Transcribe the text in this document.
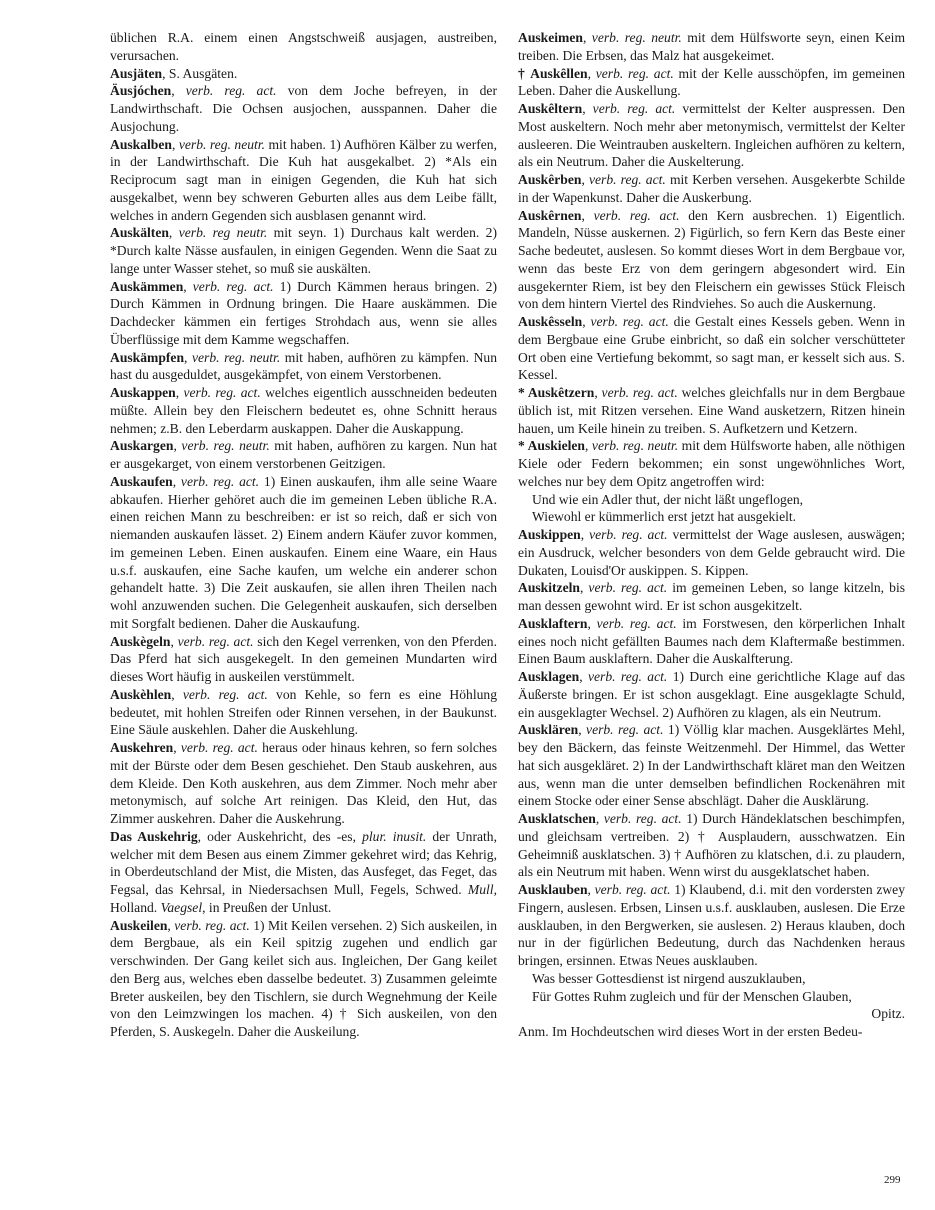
üblichen R.A. einem einen Angstschweiß ausjagen, austreiben, verursachen.

Ausjäten, S. Ausgäten.

Äusjóchen, verb. reg. act. von dem Joche befreyen, in der Landwirthschaft. Die Ochsen ausjochen, ausspannen. Daher die Ausjochung.

Auskalben, verb. reg. neutr. mit haben. 1) Aufhören Kälber zu werfen, in der Landwirthschaft. Die Kuh hat ausgekalbet. 2) *Als ein Reciprocum sagt man in einigen Gegenden, die Kuh hat sich ausgekalbet, wenn bey schweren Geburten alles aus dem Leibe fällt, welches in andern Gegenden sich ausblasen genannt wird.

Auskälten, verb. reg neutr. mit seyn. 1) Durchaus kalt werden. 2) *Durch kalte Nässe ausfaulen, in einigen Gegenden. Wenn die Saat zu lange unter Wasser stehet, so muß sie auskälten.

Auskämmen, verb. reg. act. 1) Durch Kämmen heraus bringen. 2) Durch Kämmen in Ordnung bringen. Die Haare auskämmen. Die Dachdecker kämmen ein fertiges Strohdach aus, wenn sie alles Überflüssige mit dem Kamme wegschaffen.

Auskämpfen, verb. reg. neutr. mit haben, aufhören zu kämpfen. Nun hast du ausgeduldet, ausgekämpfet, von einem Verstorbenen.

Auskappen, verb. reg. act. welches eigentlich ausschneiden bedeuten müßte. Allein bey den Fleischern bedeutet es, ohne Schnitt heraus nehmen; z.B. den Leberdarm auskappen. Daher die Auskappung.

Auskargen, verb. reg. neutr. mit haben, aufhören zu kargen. Nun hat er ausgekarget, von einem verstorbenen Geitzigen.

Auskaufen, verb. reg. act. 1) Einen auskaufen, ihm alle seine Waare abkaufen. Hierher gehöret auch die im gemeinen Leben übliche R.A. einen reichen Mann zu beschreiben: er ist so reich, daß er sich von niemanden auskaufen lässet. 2) Einem andern Käufer zuvor kommen, im gemeinen Leben. Einen auskaufen. Einem eine Waare, ein Haus u.s.f. auskaufen, eine Sache kaufen, um welche ein anderer schon gehandelt hatte. 3) Die Zeit auskaufen, sie allen ihren Theilen nach wohl anzuwenden suchen. Die Gelegenheit auskaufen, sich derselben mit Sorgfalt bedienen. Daher die Auskaufung.

Auskègeln, verb. reg. act. sich den Kegel verrenken, von den Pferden. Das Pferd hat sich ausgekegelt. In den gemeinen Mundarten wird dieses Wort häufig in auskeilen verstümmelt.

Auskèhlen, verb. reg. act. von Kehle, so fern es eine Höhlung bedeutet, mit hohlen Streifen oder Rinnen versehen, in der Baukunst. Eine Säule auskehlen. Daher die Auskehlung.

Auskehren, verb. reg. act. heraus oder hinaus kehren, so fern solches mit der Bürste oder dem Besen geschiehet. Den Staub auskehren, aus dem Kleide. Den Koth auskehren, aus dem Zimmer. Noch mehr aber metonymisch, auf solche Art reinigen. Das Kleid, den Hut, das Zimmer auskehren. Daher die Auskehrung.

Das Auskehrig, oder Auskehricht, des -es, plur. inusit. der Unrath, welcher mit dem Besen aus einem Zimmer gekehret wird; das Kehrig, in Oberdeutschland der Mist, die Misten, das Ausfeget, das Feget, das Fegsal, das Kehrsal, in Niedersachsen Mull, Fegels, Schwed. Mull, Holland. Vaegsel, in Preußen der Unlust.

Auskeilen, verb. reg. act. 1) Mit Keilen versehen. 2) Sich auskeilen, in dem Bergbaue, als ein Keil spitzig zugehen und endlich gar verschwinden. Der Gang keilet sich aus. Ingleichen, Der Gang keilet den Berg aus, welches eben dasselbe bedeutet. 3) Zusammen geleimte Breter auskeilen, bey den Tischlern, sie durch Wegnehmung der Keile von den Leimzwingen los machen. 4) † Sich auskeilen, von den Pferden, S. Auskegeln. Daher die Auskeilung.

Auskeimen, verb. reg. neutr. mit dem Hülfsworte seyn, einen Keim treiben. Die Erbsen, das Malz hat ausgekeimet.

† Auskêllen, verb. reg. act. mit der Kelle ausschöpfen, im gemeinen Leben. Daher die Auskellung.

Auskêltern, verb. reg. act. vermittelst der Kelter auspressen. Den Most auskeltern. Noch mehr aber metonymisch, vermittelst der Kelter ausleeren. Die Weintrauben auskeltern. Ingleichen aufhören zu keltern, als ein Neutrum. Daher die Auskelterung.

Auskêrben, verb. reg. act. mit Kerben versehen. Ausgekerbte Schilde in der Wapenkunst. Daher die Auskerbung.

Auskêrnen, verb. reg. act. den Kern ausbrechen. 1) Eigentlich. Mandeln, Nüsse auskernen. 2) Figürlich, so fern Kern das Beste einer Sache bedeutet, auslesen. So kommt dieses Wort in dem Bergbaue vor, wenn das beste Erz von dem geringern abgesondert wird. Ein ausgekernter Riem, ist bey den Fleischern ein gewisses Stück Fleisch von dem hintern Viertel des Rindviehes. So auch die Auskernung.

Auskêsseln, verb. reg. act. die Gestalt eines Kessels geben. Wenn in dem Bergbaue eine Grube einbricht, so daß ein solcher verschütteter Ort oben eine Vertiefung bekommt, so sagt man, er kesselt sich aus. S. Kessel.

* Auskêtzern, verb. reg. act. welches gleichfalls nur in dem Bergbaue üblich ist, mit Ritzen versehen. Eine Wand ausketzern, Ritzen hinein hauen, um Keile hinein zu treiben. S. Aufketzern und Ketzern.

* Auskielen, verb. reg. neutr. mit dem Hülfsworte haben, alle nöthigen Kiele oder Federn bekommen; ein sonst ungewöhnliches Wort, welches nur bey dem Opitz angetroffen wird:

Und wie ein Adler thut, der nicht läßt ungeflogen,

Wiewohl er kümmerlich erst jetzt hat ausgekielt.

Auskippen, verb. reg. act. vermittelst der Wage auslesen, auswägen; ein Ausdruck, welcher besonders von dem Gelde gebraucht wird. Die Dukaten, Louisd'Or auskippen. S. Kippen.

Auskitzeln, verb. reg. act. im gemeinen Leben, so lange kitzeln, bis man dessen gewohnt wird. Er ist schon ausgekitzelt.

Ausklaftern, verb. reg. act. im Forstwesen, den körperlichen Inhalt eines noch nicht gefällten Baumes nach dem Klaftermaße bestimmen. Einen Baum ausklaftern. Daher die Auskalfterung.

Ausklagen, verb. reg. act. 1) Durch eine gerichtliche Klage auf das Äußerste bringen. Er ist schon ausgeklagt. Eine ausgeklagte Schuld, ein ausgeklagter Wechsel. 2) Aufhören zu klagen, als ein Neutrum.

Ausklären, verb. reg. act. 1) Völlig klar machen. Ausgeklärtes Mehl, bey den Bäckern, das feinste Weitzenmehl. Der Himmel, das Wetter hat sich ausgekläret. 2) In der Landwirthschaft kläret man den Weitzen aus, wenn man die unter demselben befindlichen Rockenähren mit einem Stocke oder einer Sense abschlägt. Daher die Ausklärung.

Ausklatschen, verb. reg. act. 1) Durch Händeklatschen beschimpfen, und gleichsam vertreiben. 2) † Ausplaudern, ausschwatzen. Ein Geheimniß ausklatschen. 3) † Aufhören zu klatschen, d.i. zu plaudern, als ein Neutrum mit haben. Wenn wirst du ausgeklatschet haben.

Ausklauben, verb. reg. act. 1) Klaubend, d.i. mit den vordersten zwey Fingern, auslesen. Erbsen, Linsen u.s.f. ausklauben, auslesen. Die Erze ausklauben, in den Bergwerken, sie auslesen. 2) Heraus klauben, doch nur in der figürlichen Bedeutung, durch das Nachdenken heraus bringen, ersinnen. Etwas Neues ausklauben.

Was besser Gottesdienst ist nirgend auszuklauben,

Für Gottes Ruhm zugleich und für der Menschen Glauben,

Opitz.

Anm. Im Hochdeutschen wird dieses Wort in der ersten Bedeu-

299
